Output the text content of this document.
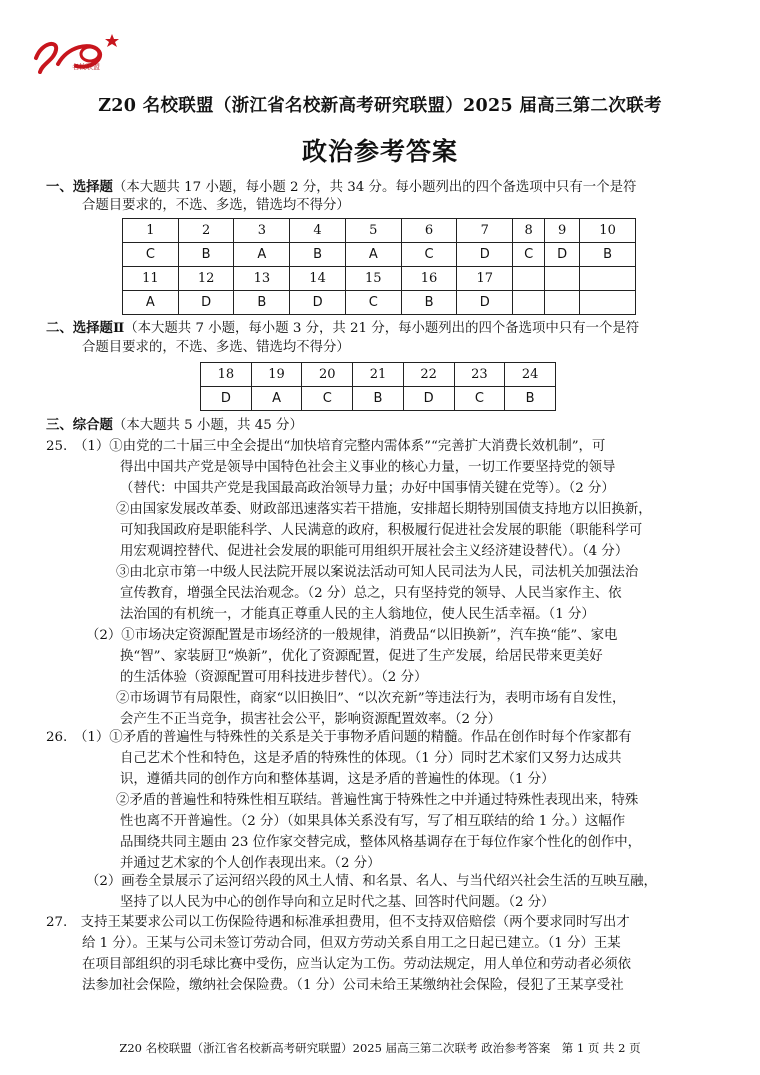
名校联盟
Z20 名校联盟（浙江省名校新高考研究联盟）2025 届高三第二次联考
政治参考答案
一、选择题（本大题共 17 小题，每小题 2 分，共 34 分。每小题列出的四个备选项中只有一个是符
合题目要求的，不选、多选，错选均不得分）
1	2	3	4	5	6	7	8	9	10
C	B	A	B	A	C	D	C	D	B
11	12	13	14	15	16	17			
A	D	B	D	C	B	D			
二、选择题Ⅱ（本大题共 7 小题，每小题 3 分，共 21 分，每小题列出的四个备选项中只有一个是符
合题目要求的，不选、多选、错选均不得分）
18	19	20	21	22	23	24
D	A	C	B	D	C	B
三、综合题（本大题共 5 小题，共 45 分）
25.　（1）①由党的二十届三中全会提出“加快培育完整内需体系”“完善扩大消费长效机制”，可
得出中国共产党是领导中国特色社会主义事业的核心力量，一切工作要坚持党的领导
（替代：中国共产党是我国最高政治领导力量；办好中国事情关键在党等）。（2 分）
②由国家发展改革委、财政部迅速落实若干措施，安排超长期特别国债支持地方以旧换新，
可知我国政府是职能科学、人民满意的政府，积极履行促进社会发展的职能（职能科学可
用宏观调控替代、促进社会发展的职能可用组织开展社会主义经济建设替代）。（4 分）
③由北京市第一中级人民法院开展以案说法活动可知人民司法为人民，司法机关加强法治
宣传教育，增强全民法治观念。（2 分）总之，只有坚持党的领导、人民当家作主、依
法治国的有机统一，才能真正尊重人民的主人翁地位，使人民生活幸福。（1 分）
（2）①市场决定资源配置是市场经济的一般规律，消费品“以旧换新”，汽车换“能”、家电
换“智”、家装厨卫“焕新”，优化了资源配置，促进了生产发展，给居民带来更美好
的生活体验（资源配置可用科技进步替代）。（2 分）
②市场调节有局限性，商家“以旧换旧”、“以次充新”等违法行为，表明市场有自发性，
会产生不正当竞争，损害社会公平，影响资源配置效率。（2 分）
26.　（1）①矛盾的普遍性与特殊性的关系是关于事物矛盾问题的精髓。作品在创作时每个作家都有
自己艺术个性和特色，这是矛盾的特殊性的体现。（1 分）同时艺术家们又努力达成共
识，遵循共同的创作方向和整体基调，这是矛盾的普遍性的体现。（1 分）
②矛盾的普遍性和特殊性相互联结。普遍性寓于特殊性之中并通过特殊性表现出来，特殊
性也离不开普遍性。（2 分）（如果具体关系没有写，写了相互联结的给 1 分。）这幅作
品围绕共同主题由 23 位作家交替完成，整体风格基调存在于每位作家个性化的创作中，
并通过艺术家的个人创作表现出来。（2 分）
（2）画卷全景展示了运河绍兴段的风土人情、和名景、名人、与当代绍兴社会生活的互映互融，
坚持了以人民为中心的创作导向和立足时代之基、回答时代问题。（2 分）
27.　支持王某要求公司以工伤保险待遇和标准承担费用，但不支持双倍赔偿（两个要求同时写出才
给 1 分）。王某与公司未签订劳动合同，但双方劳动关系自用工之日起已建立。（1 分）王某
在项目部组织的羽毛球比赛中受伤，应当认定为工伤。劳动法规定，用人单位和劳动者必须依
法参加社会保险，缴纳社会保险费。（1 分）公司未给王某缴纳社会保险，侵犯了王某享受社
Z20 名校联盟（浙江省名校新高考研究联盟）2025 届高三第二次联考 政治参考答案　第 1 页 共 2 页
